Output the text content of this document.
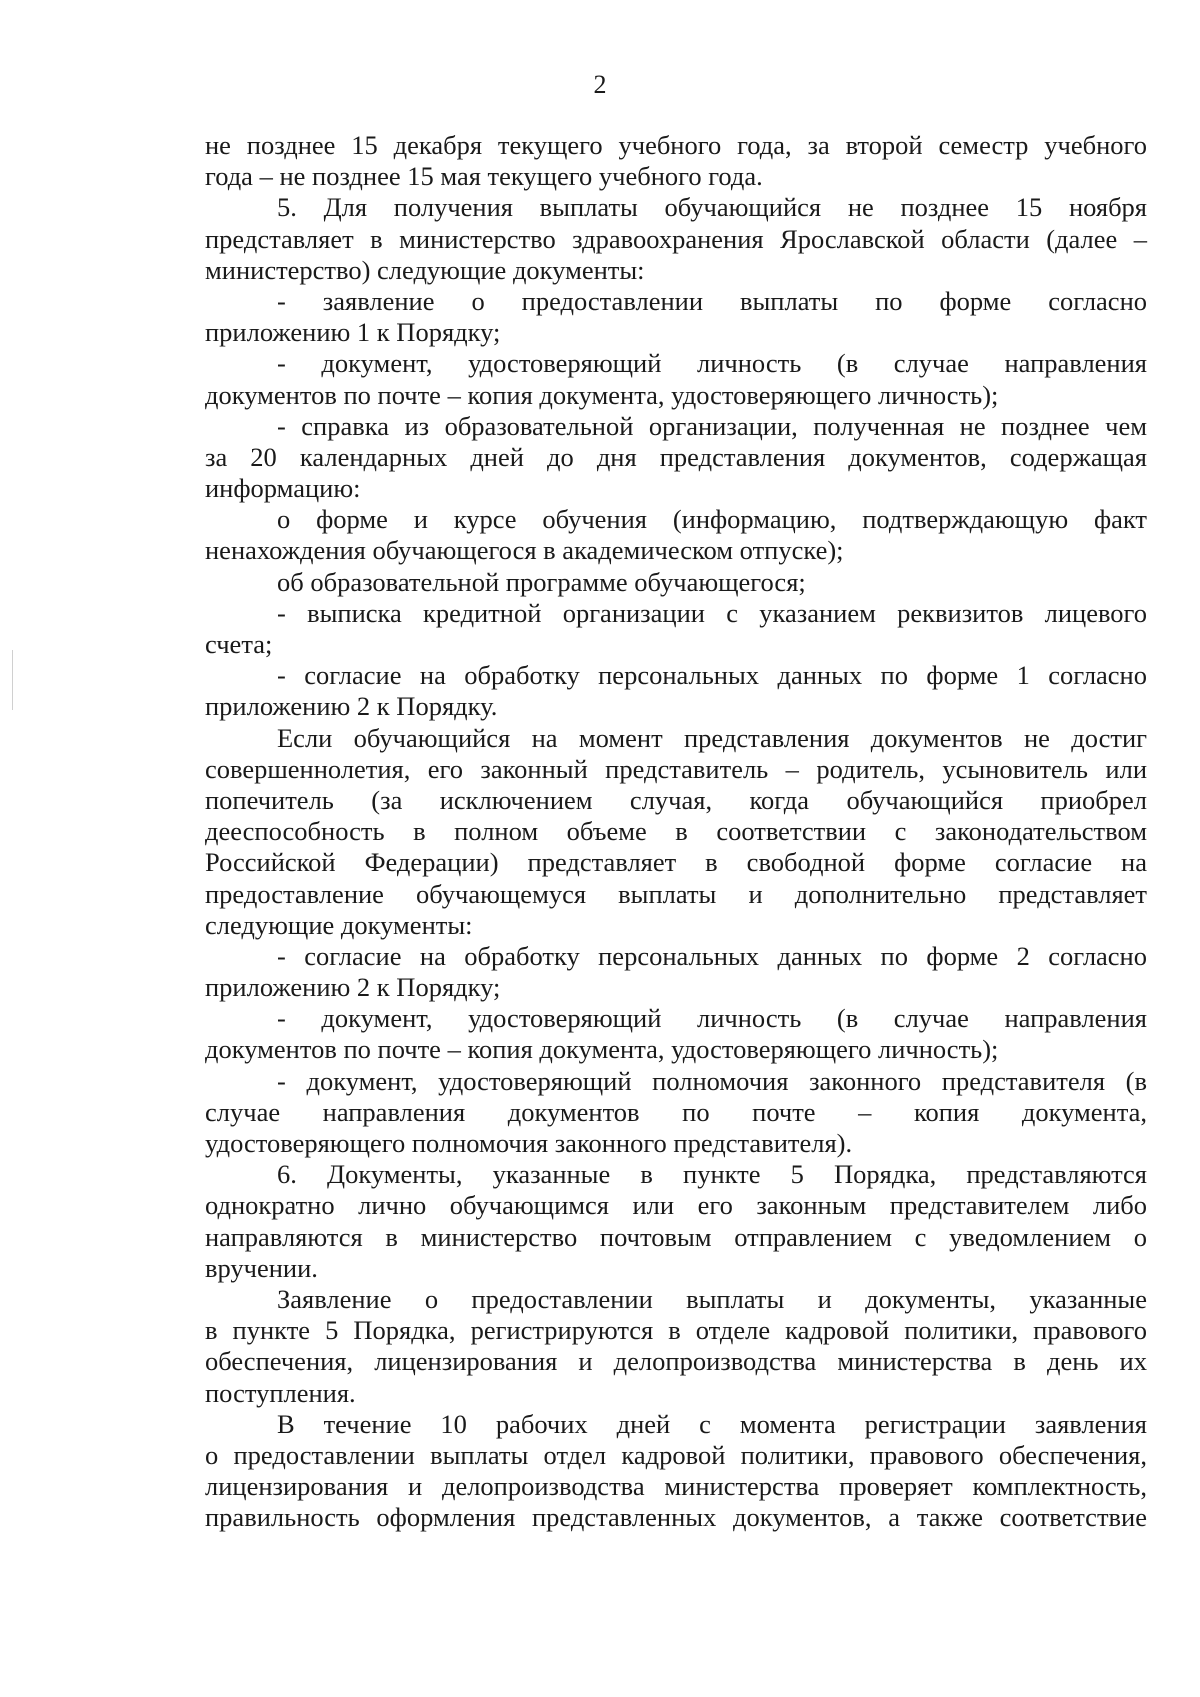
2
не позднее 15 декабря текущего учебного года, за второй семестр учебного
года – не позднее 15 мая текущего учебного года.
5. Для получения выплаты обучающийся не позднее 15 ноября
представляет в министерство здравоохранения Ярославской области (далее –
министерство) следующие документы:
- заявление о предоставлении выплаты по форме согласно
приложению 1 к Порядку;
- документ, удостоверяющий личность (в случае направления
документов по почте – копия документа, удостоверяющего личность);
- справка из образовательной организации, полученная не позднее чем
за 20 календарных дней до дня представления документов, содержащая
информацию:
о форме и курсе обучения (информацию, подтверждающую факт
ненахождения обучающегося в академическом отпуске);
об образовательной программе обучающегося;
- выписка кредитной организации с указанием реквизитов лицевого
счета;
- согласие на обработку персональных данных по форме 1 согласно
приложению 2 к Порядку.
Если обучающийся на момент представления документов не достиг
совершеннолетия, его законный представитель – родитель, усыновитель или
попечитель (за исключением случая, когда обучающийся приобрел
дееспособность в полном объеме в соответствии с законодательством
Российской Федерации) представляет в свободной форме согласие на
предоставление обучающемуся выплаты и дополнительно представляет
следующие документы:
- согласие на обработку персональных данных по форме 2 согласно
приложению 2 к Порядку;
- документ, удостоверяющий личность (в случае направления
документов по почте – копия документа, удостоверяющего личность);
- документ, удостоверяющий полномочия законного представителя (в
случае направления документов по почте – копия документа,
удостоверяющего полномочия законного представителя).
6. Документы, указанные в пункте 5 Порядка, представляются
однократно лично обучающимся или его законным представителем либо
направляются в министерство почтовым отправлением с уведомлением о
вручении.
Заявление о предоставлении выплаты и документы, указанные
в пункте 5 Порядка, регистрируются в отделе кадровой политики, правового
обеспечения, лицензирования и делопроизводства министерства в день их
поступления.
В течение 10 рабочих дней с момента регистрации заявления
о предоставлении выплаты отдел кадровой политики, правового обеспечения,
лицензирования и делопроизводства министерства проверяет комплектность,
правильность оформления представленных документов, а также соответствие
